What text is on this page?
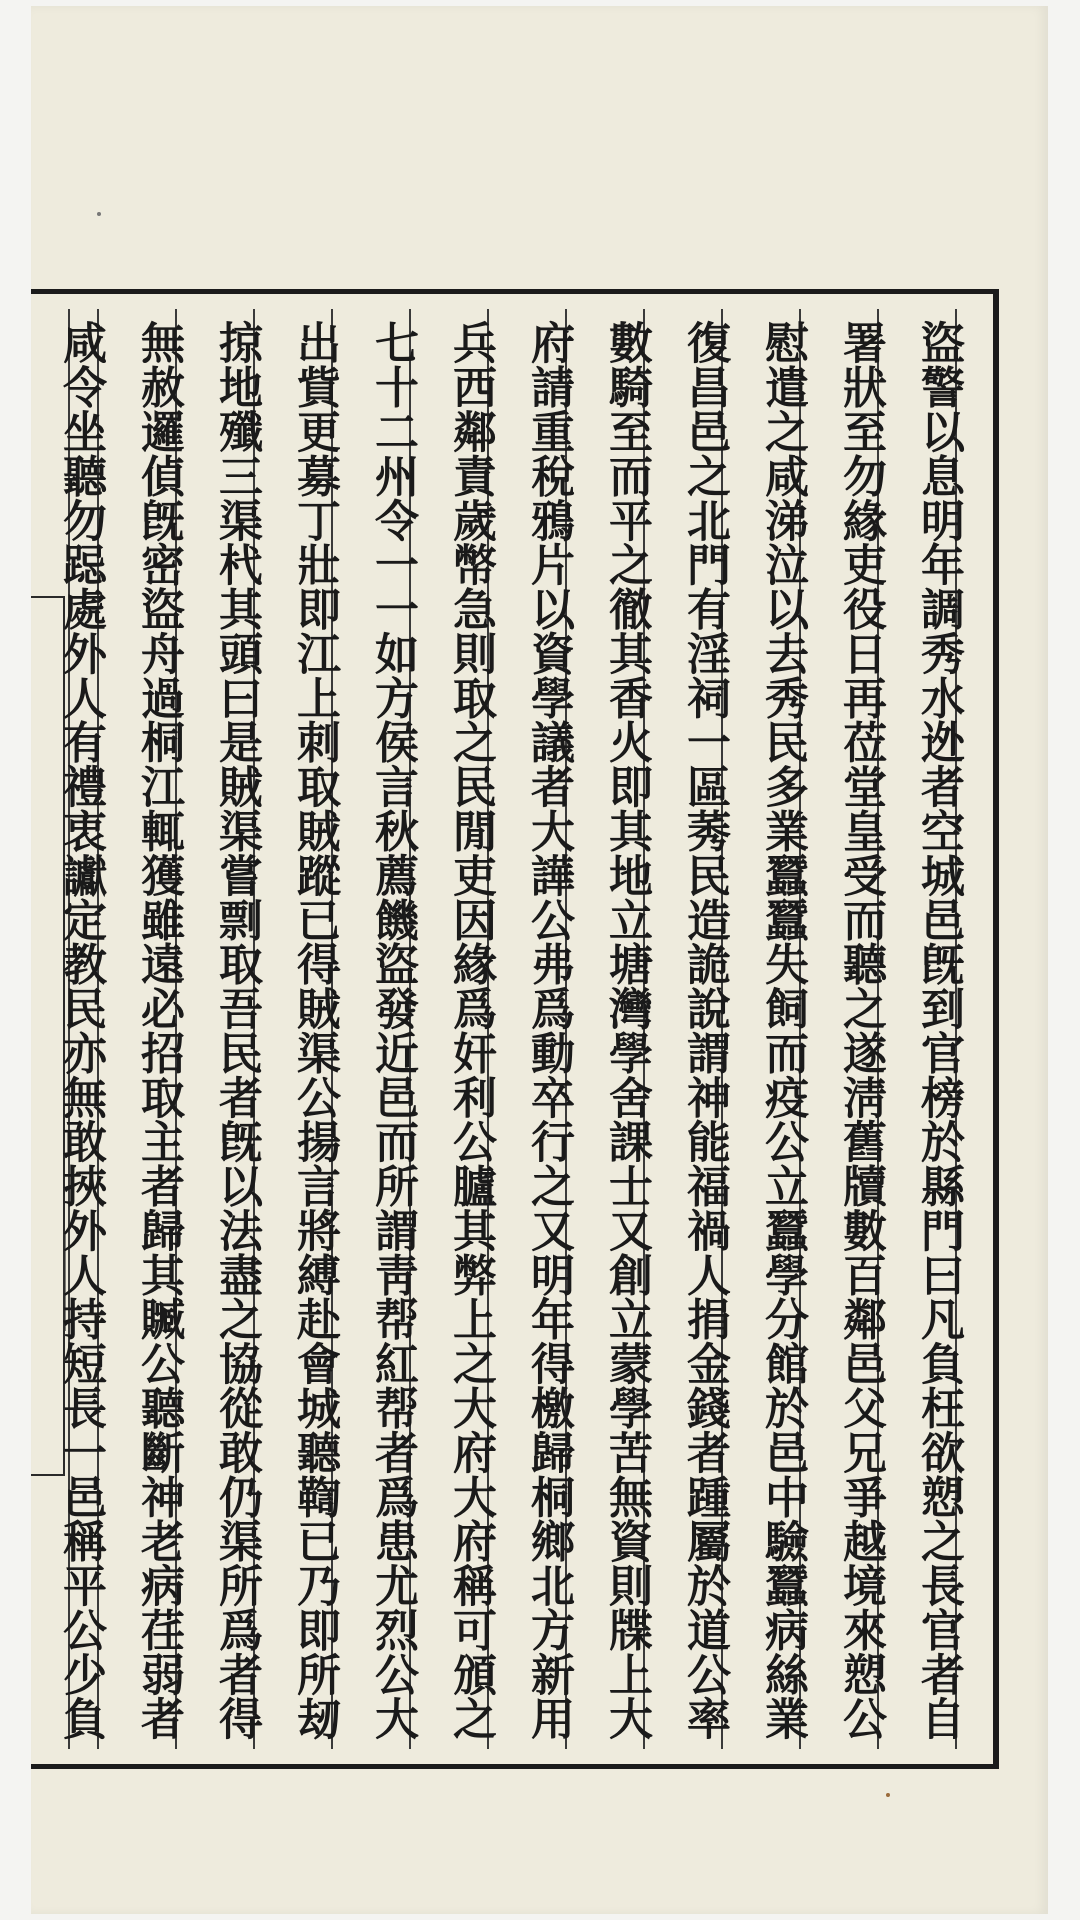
盜警以息明年調秀水迯者空城邑旣到官榜於縣門曰凡負枉欲愬之長官者自
署狀至勿緣吏役日再莅堂皇受而聽之遂淸舊牘數百鄰邑父兄爭越境來愬公
慰遣之咸涕泣以去秀民多業蠶蠶失飼而疫公立蠶學分館於邑中驗蠶病絲業
復昌邑之北門有淫祠一區莠民造詭說謂神能福禍人捐金錢者踵屬於道公率
數騎至而平之徹其香火即其地立塘灣學舍課士又創立蒙學苦無資則牒上大
府請重稅鴉片以資學議者大譁公弗爲動卒行之又明年得檄歸桐鄉北方新用
兵西鄰責歲幣急則取之民閒吏因緣爲奸利公臚其弊上之大府大府稱可頒之
七十二州令一一如方侯言秋薦饑盜發近邑而所謂靑帮紅帮者爲患尤烈公大
出貲更募丁壯即江上刺取賊蹤已得賊渠公揚言將縛赴會城聽鞫已乃即所刼
掠地殲三渠杙其頭曰是賊渠嘗剽取吾民者旣以法盡之協從敢仍渠所爲者得
無赦邏偵旣密盜舟過桐江輒獲雖遠必招取主者歸其贓公聽斷神老病荏弱者
咸令坐聽勿跽處外人有禮衷讞定教民亦無敢挾外人持短長一邑稱平公少負
